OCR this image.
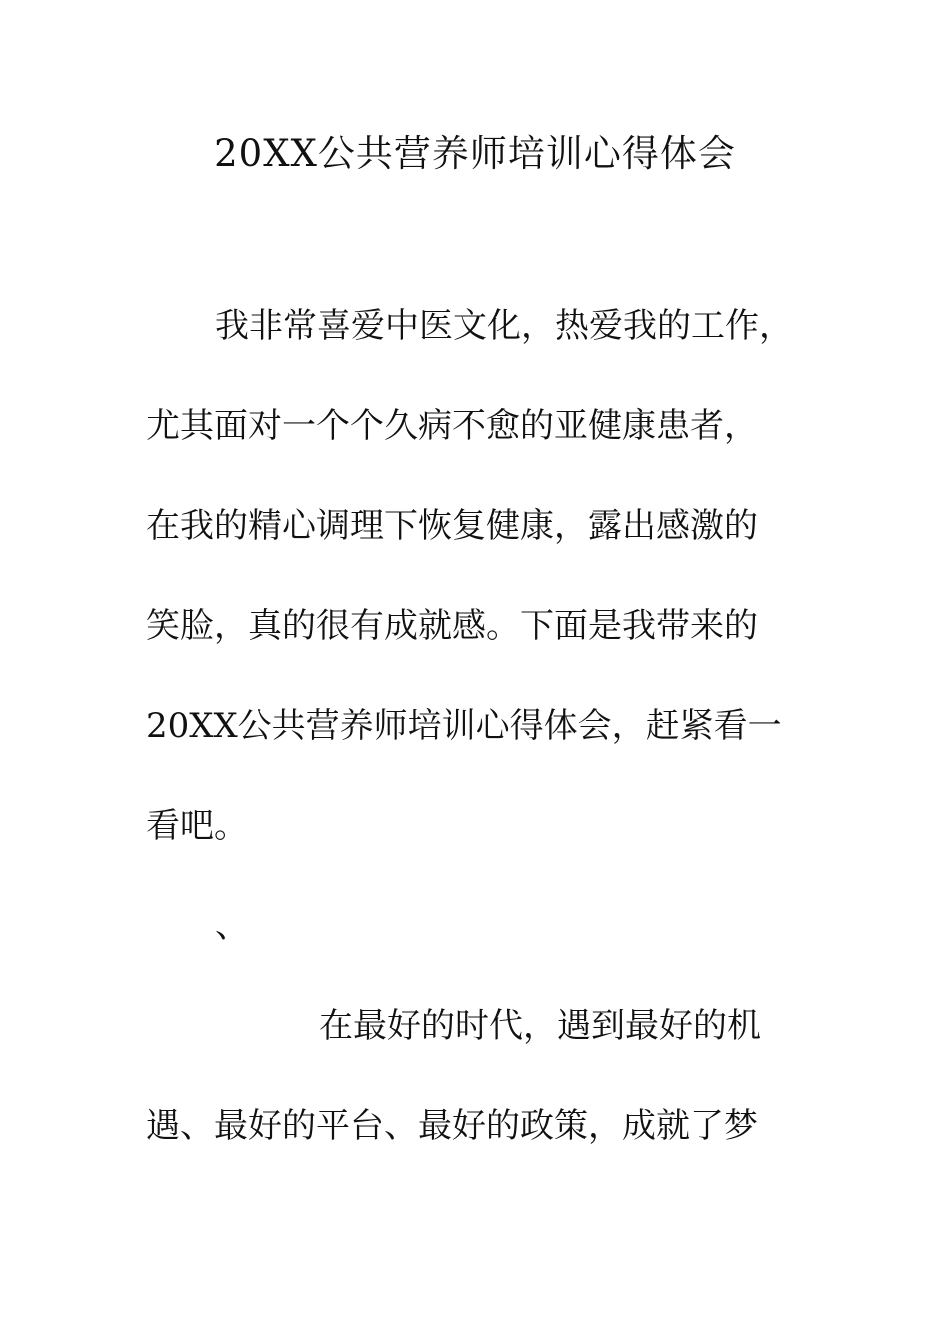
20XX公共营养师培训心得体会

我非常喜爱中医文化，热爱我的工作，

尤其面对一个个久病不愈的亚健康患者，

在我的精心调理下恢复健康，露出感激的

笑脸，真的很有成就感。下面是我带来的

20XX公共营养师培训心得体会，赶紧看一

看吧。

、

在最好的时代，遇到最好的机

遇、最好的平台、最好的政策，成就了梦
